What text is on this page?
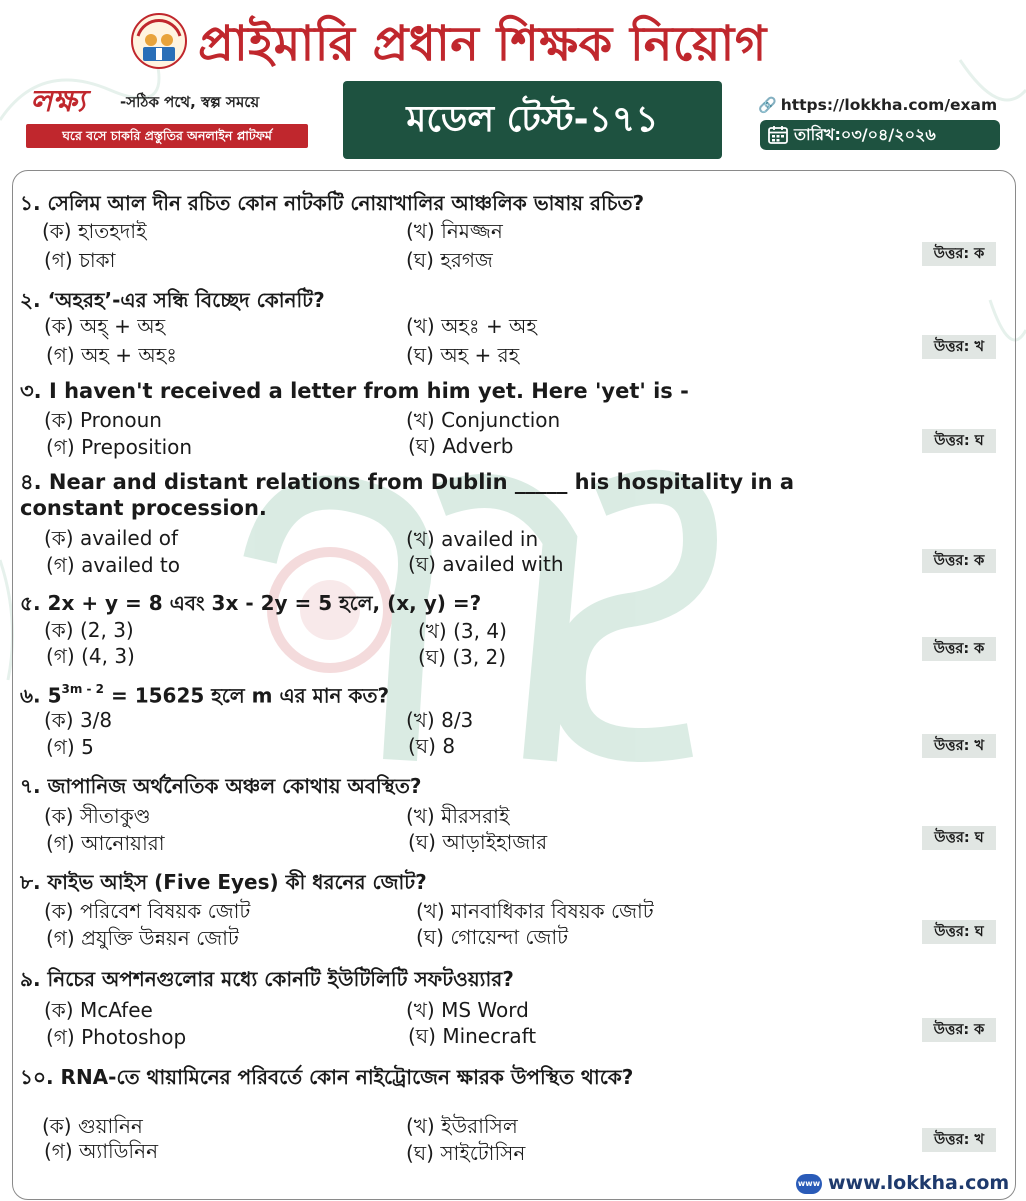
প্রাইমারি প্রধান শিক্ষক নিয়োগ
লক্ষ্য -সঠিক পথে, স্বল্প সময়ে
ঘরে বসে চাকরি প্রস্তুতির অনলাইন প্লাটফর্ম	মডেল টেস্ট-১৭১	🔗 https://lokkha.com/exam
তারিখ:০৩/০৪/২০২৬
১. সেলিম আল দীন রচিত কোন নাটকটি নোয়াখালির আঞ্চলিক ভাষায় রচিত?
(ক) হাতহদাই	(খ) নিমজ্জন
(গ) চাকা	(ঘ) হরগজ	উত্তর: ক
২. ‘অহরহ’-এর সন্ধি বিচ্ছেদ কোনটি?
(ক) অহ্ + অহ	(খ) অহঃ + অহ
(গ) অহ + অহঃ	(ঘ) অহ + রহ	উত্তর: খ
৩. I haven't received a letter from him yet. Here 'yet' is -
(ক) Pronoun	(খ) Conjunction
(গ) Preposition	(ঘ) Adverb	উত্তর: ঘ
৪. Near and distant relations from Dublin _____ his hospitality in a constant procession.
(ক) availed of	(খ) availed in
(গ) availed to	(ঘ) availed with	উত্তর: ক
৫. 2x + y = 8 এবং 3x - 2y = 5 হলে, (x, y) =?
(ক) (2, 3)	(খ) (3, 4)
(গ) (4, 3)	(ঘ) (3, 2)	উত্তর: ক
৬. $5^{3m - 2} = 15625$ হলে m এর মান কত?
(ক) 3/8	(খ) 8/3
(গ) 5	(ঘ) 8	উত্তর: খ
৭. জাপানিজ অর্থনৈতিক অঞ্চল কোথায় অবস্থিত?
(ক) সীতাকুণ্ড	(খ) মীরসরাই
(গ) আনোয়ারা	(ঘ) আড়াইহাজার	উত্তর: ঘ
৮. ফাইভ আইস (Five Eyes) কী ধরনের জোট?
(ক) পরিবেশ বিষয়ক জোট	(খ) মানবাধিকার বিষয়ক জোট
(গ) প্রযুক্তি উন্নয়ন জোট	(ঘ) গোয়েন্দা জোট	উত্তর: ঘ
৯. নিচের অপশনগুলোর মধ্যে কোনটি ইউটিলিটি সফটওয়্যার?
(ক) McAfee	(খ) MS Word
(গ) Photoshop	(ঘ) Minecraft	উত্তর: ক
১০. RNA-তে থায়ামিনের পরিবর্তে কোন নাইট্রোজেন ক্ষারক উপস্থিত থাকে?
(ক) গুয়ানিন	(খ) ইউরাসিল
(গ) অ্যাডিনিন	(ঘ) সাইটোসিন
উত্তর: খ
www www.lokkha.com
